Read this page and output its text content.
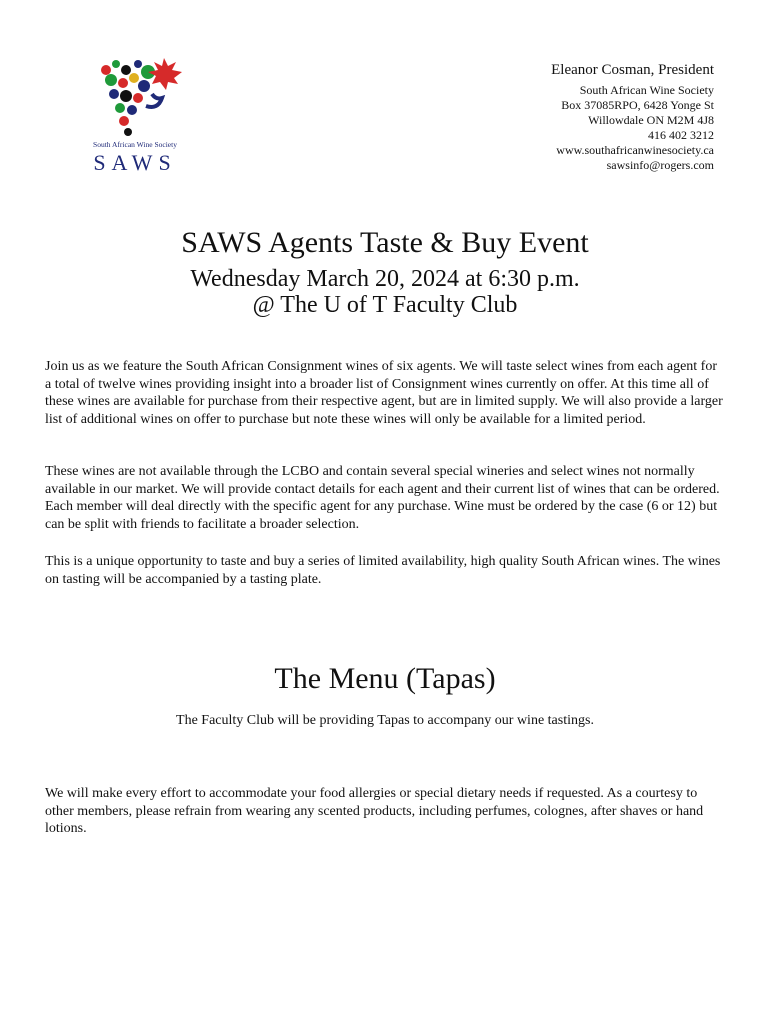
South African Wine Society
SAWS
Eleanor Cosman, President
South African Wine Society
Box 37085RPO, 6428 Yonge St
Willowdale ON M2M 4J8
416 402 3212
www.southafricanwinesociety.ca
sawsinfo@rogers.com
SAWS Agents Taste & Buy Event
Wednesday March 20, 2024 at 6:30 p.m.
@ The U of T Faculty Club
Join us as we feature the South African Consignment wines of six agents. We will taste select wines from each agent for a total of twelve wines providing insight into a broader list of Consignment wines currently on offer. At this time all of these wines are available for purchase from their respective agent, but are in limited supply. We will also provide a larger list of additional wines on offer to purchase but note these wines will only be available for a limited period.
These wines are not available through the LCBO and contain several special wineries and select wines not normally available in our market. We will provide contact details for each agent and their current list of wines that can be ordered. Each member will deal directly with the specific agent for any purchase. Wine must be ordered by the case (6 or 12) but can be split with friends to facilitate a broader selection.
This is a unique opportunity to taste and buy a series of limited availability, high quality South African wines. The wines on tasting will be accompanied by a tasting plate.
The Menu (Tapas)
The Faculty Club will be providing Tapas to accompany our wine tastings.
We will make every effort to accommodate your food allergies or special dietary needs if requested. As a courtesy to other members, please refrain from wearing any scented products, including perfumes, colognes, after shaves or hand lotions.
